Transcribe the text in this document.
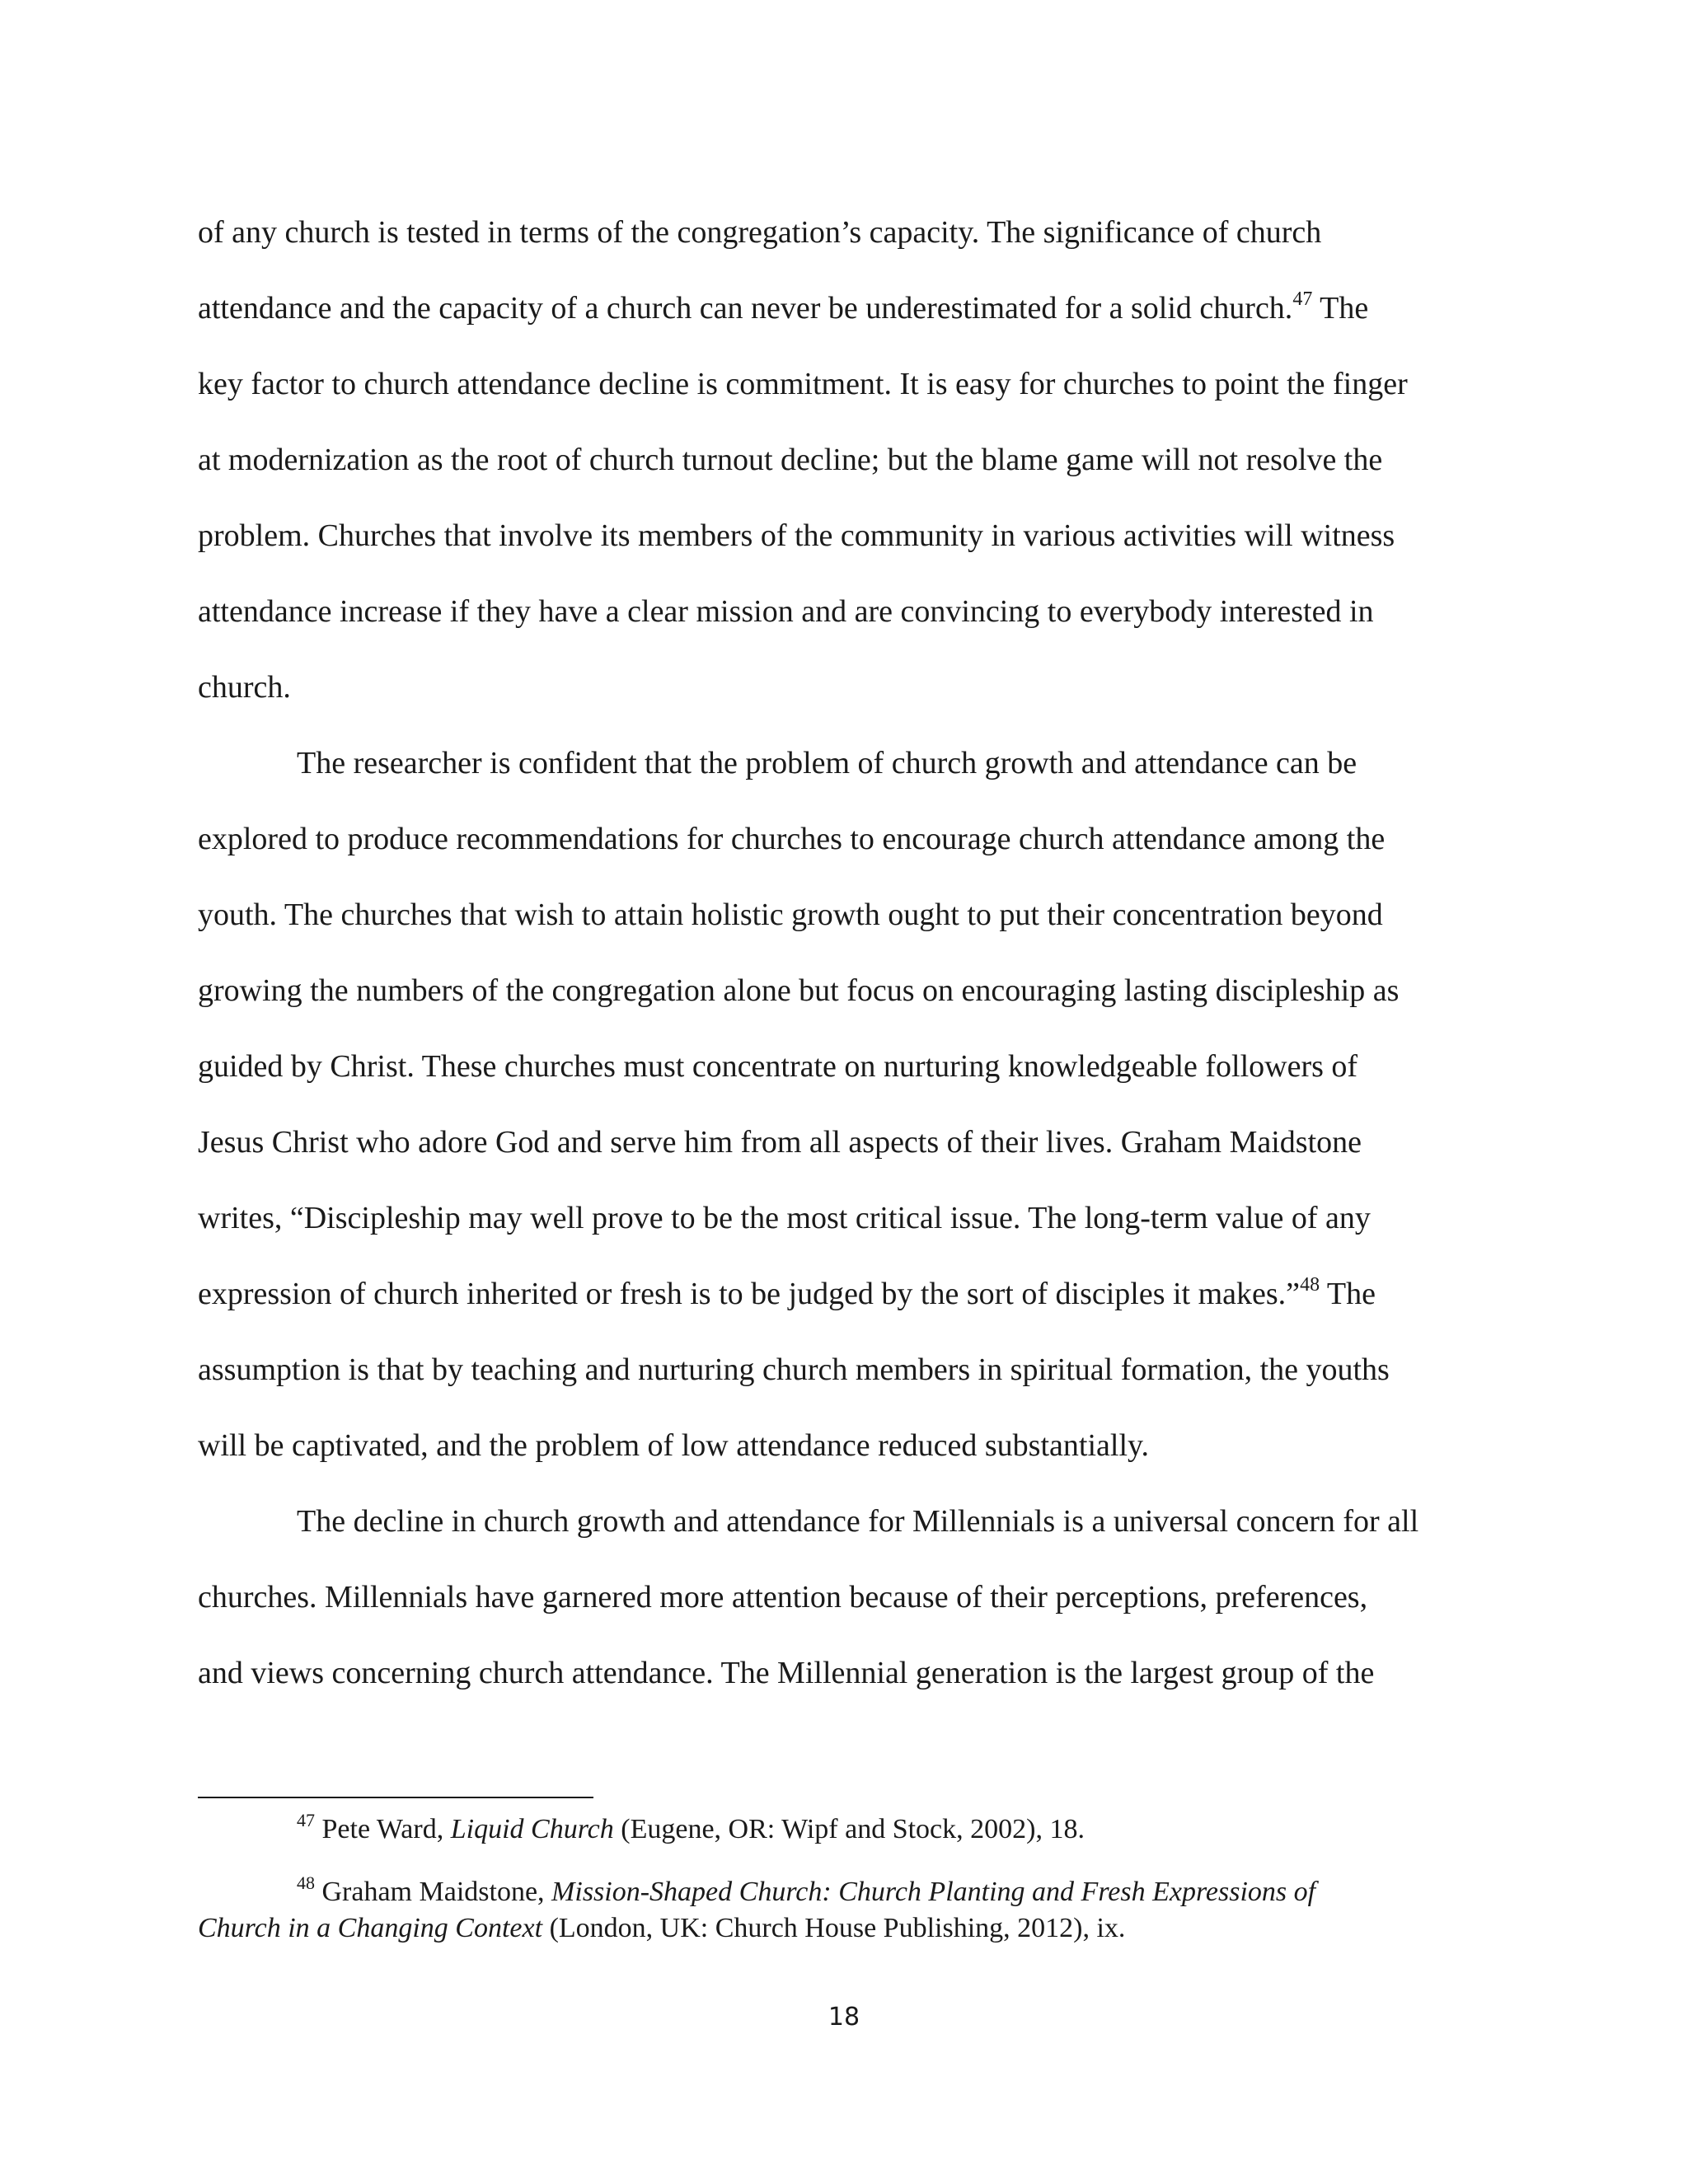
of any church is tested in terms of the congregation’s capacity. The significance of church
attendance and the capacity of a church can never be underestimated for a solid church.$^{47}$ The
key factor to church attendance decline is commitment. It is easy for churches to point the finger
at modernization as the root of church turnout decline; but the blame game will not resolve the
problem. Churches that involve its members of the community in various activities will witness
attendance increase if they have a clear mission and are convincing to everybody interested in
church.
The researcher is confident that the problem of church growth and attendance can be
explored to produce recommendations for churches to encourage church attendance among the
youth. The churches that wish to attain holistic growth ought to put their concentration beyond
growing the numbers of the congregation alone but focus on encouraging lasting discipleship as
guided by Christ. These churches must concentrate on nurturing knowledgeable followers of
Jesus Christ who adore God and serve him from all aspects of their lives. Graham Maidstone
writes, “Discipleship may well prove to be the most critical issue. The long-term value of any
expression of church inherited or fresh is to be judged by the sort of disciples it makes.”$^{48}$ The
assumption is that by teaching and nurturing church members in spiritual formation, the youths
will be captivated, and the problem of low attendance reduced substantially.
The decline in church growth and attendance for Millennials is a universal concern for all
churches. Millennials have garnered more attention because of their perceptions, preferences,
and views concerning church attendance. The Millennial generation is the largest group of the
$^{47}$ Pete Ward, Liquid Church (Eugene, OR: Wipf and Stock, 2002), 18.
$^{48}$ Graham Maidstone, Mission-Shaped Church: Church Planting and Fresh Expressions of
Church in a Changing Context (London, UK: Church House Publishing, 2012), ix.
18
